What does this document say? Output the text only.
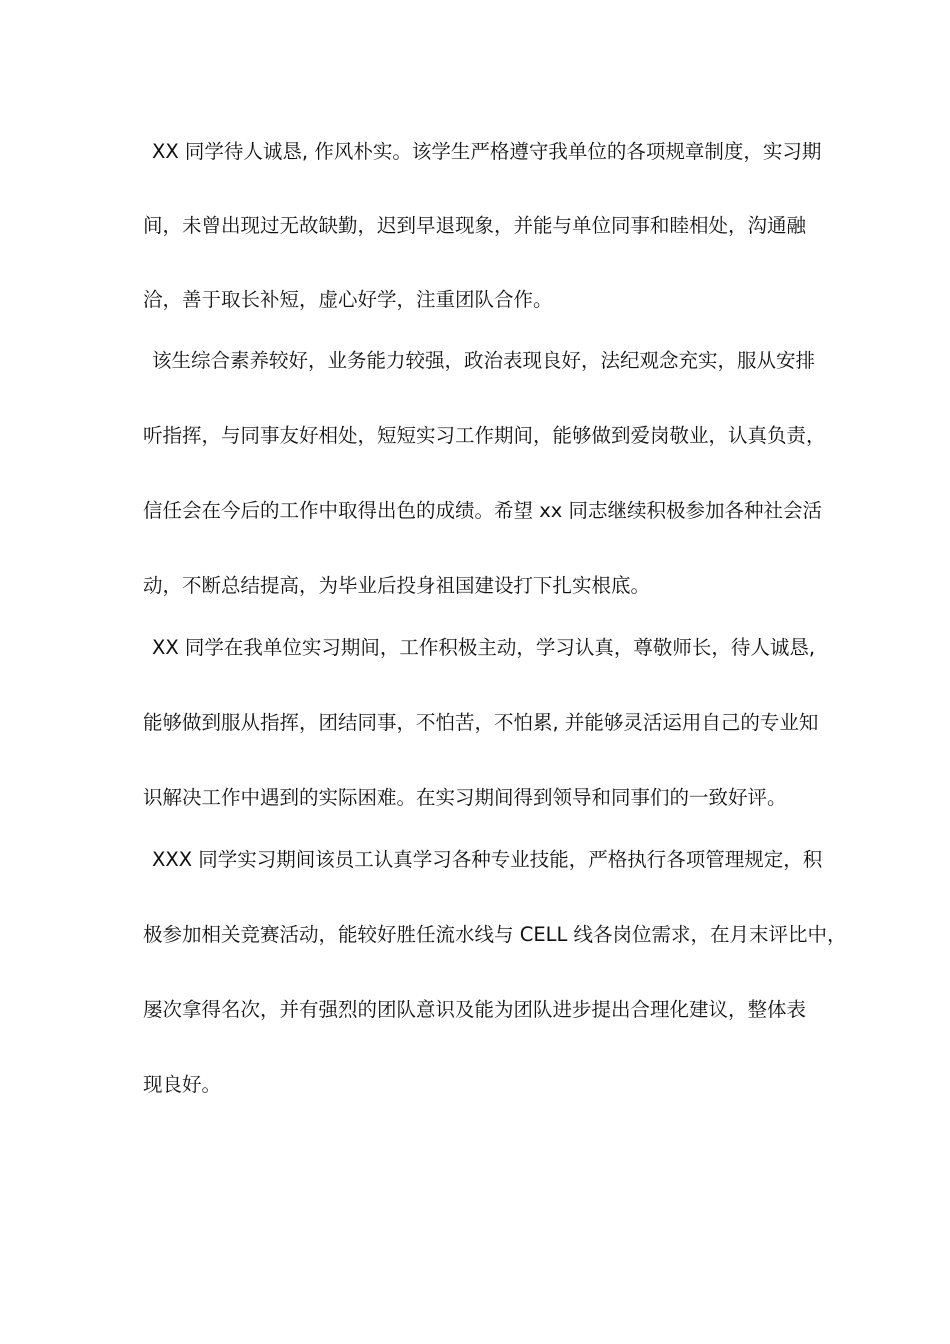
XX 同学待人诚恳, 作风朴实。该学生严格遵守我单位的各项规章制度，实习期
间，未曾出现过无故缺勤，迟到早退现象，并能与单位同事和睦相处，沟通融
洽，善于取长补短，虚心好学，注重团队合作。
该生综合素养较好，业务能力较强，政治表现良好，法纪观念充实，服从安排
听指挥，与同事友好相处，短短实习工作期间，能够做到爱岗敬业，认真负责，
信任会在今后的工作中取得出色的成绩。希望 xx 同志继续积极参加各种社会活
动，不断总结提高，为毕业后投身祖国建设打下扎实根底。
XX 同学在我单位实习期间，工作积极主动，学习认真，尊敬师长，待人诚恳,
能够做到服从指挥，团结同事，不怕苦，不怕累, 并能够灵活运用自己的专业知
识解决工作中遇到的实际困难。在实习期间得到领导和同事们的一致好评。
XXX 同学实习期间该员工认真学习各种专业技能，严格执行各项管理规定，积
极参加相关竞赛活动，能较好胜任流水线与 CELL 线各岗位需求，在月末评比中，
屡次拿得名次，并有强烈的团队意识及能为团队进步提出合理化建议，整体表
现良好。
